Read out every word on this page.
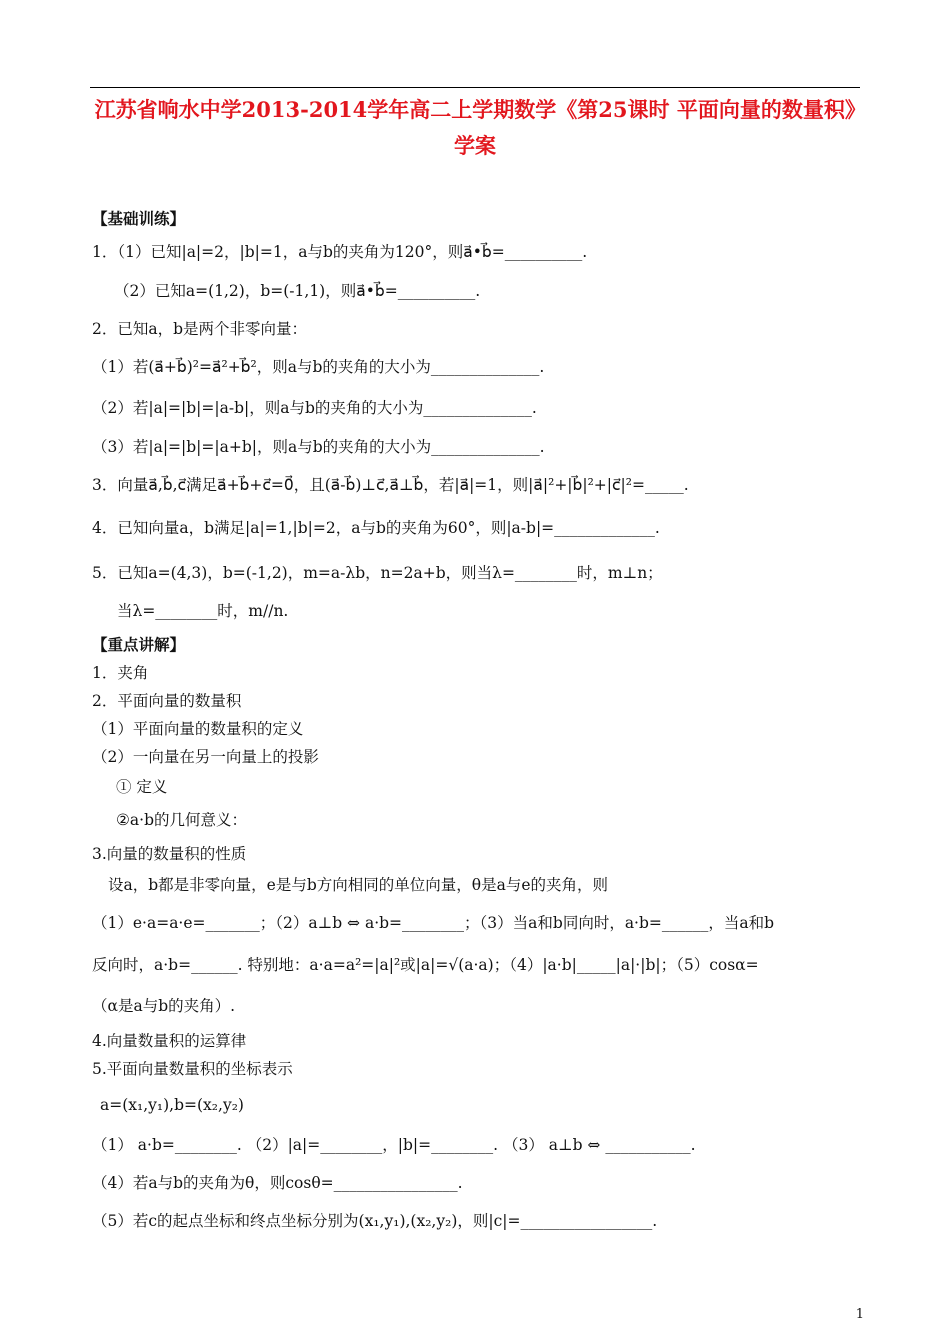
江苏省响水中学2013-2014学年高二上学期数学《第25课时 平面向量的数量积》学案
【基础训练】
【重点讲解】
1．（1）已知|a|=2，|b|=1，a与b的夹角为120°，则a⃗•b⃗=__________.
（2）已知a=(1,2)，b=(-1,1)，则a⃗•b⃗=__________.
2．已知a，b是两个非零向量：
（1）若(a⃗+b⃗)²=a⃗²+b⃗²，则a与b的夹角的大小为______________.
（2）若|a|=|b|=|a-b|，则a与b的夹角的大小为______________.
（3）若|a|=|b|=|a+b|，则a与b的夹角的大小为______________.
3．向量a⃗,b⃗,c⃗满足a⃗+b⃗+c⃗=0⃗，且(a⃗-b⃗)⊥c⃗,a⃗⊥b⃗，若|a⃗|=1，则|a⃗|²+|b⃗|²+|c⃗|²=_____.
4．已知向量a，b满足|a|=1,|b|=2，a与b的夹角为60°，则|a-b|=_____________.
5．已知a=(4,3)，b=(-1,2)，m=a-λb，n=2a+b，则当λ=________时，m⊥n；
当λ=________时，m//n.
1．夹角
2．平面向量的数量积
（1）平面向量的数量积的定义
（2）一向量在另一向量上的投影
① 定义
②a·b的几何意义：
3.向量的数量积的性质
设a，b都是非零向量，e是与b方向相同的单位向量，θ是a与e的夹角，则
（1）e·a=a·e=_______；（2）a⊥b ⇔ a·b=________；（3）当a和b同向时，a·b=______，当a和b
反向时，a·b=______. 特别地：a·a=a²=|a|²或|a|=√(a·a)；（4）|a·b|_____|a|·|b|；（5）cosα=
（α是a与b的夹角）.
4.向量数量积的运算律
5.平面向量数量积的坐标表示
a=(x₁,y₁),b=(x₂,y₂)
（1） a·b=________. （2）|a|=________，|b|=________. （3） a⊥b ⇔ ___________.
（4）若a与b的夹角为θ，则cosθ=________________.
（5）若c的起点坐标和终点坐标分别为(x₁,y₁),(x₂,y₂)，则|c|=_________________.
1
